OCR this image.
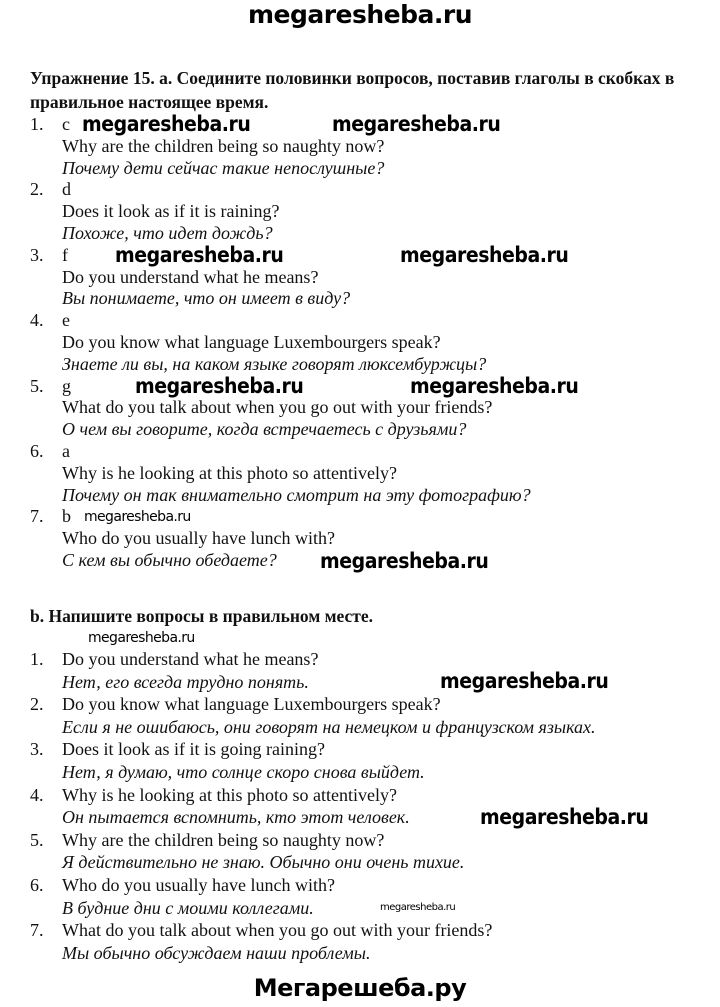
megaresheba.ru
Упражнение 15. a. Соедините половинки вопросов, поставив глаголы в скобках в правильное настоящее время.
1. c
Why are the children being so naughty now?
Почему дети сейчас такие непослушные?
2. d
Does it look as if it is raining?
Похоже, что идет дождь?
3. f
Do you understand what he means?
Вы понимаете, что он имеет в виду?
4. e
Do you know what language Luxembourgers speak?
Знаете ли вы, на каком языке говорят люксембуржцы?
5. g
What do you talk about when you go out with your friends?
О чем вы говорите, когда встречаетесь с друзьями?
6. a
Why is he looking at this photo so attentively?
Почему он так внимательно смотрит на эту фотографию?
7. b
Who do you usually have lunch with?
С кем вы обычно обедаете?
b. Напишите вопросы в правильном месте.
1. Do you understand what he means?
Нет, его всегда трудно понять.
2. Do you know what language Luxembourgers speak?
Если я не ошибаюсь, они говорят на немецком и французском языках.
3. Does it look as if it is going raining?
Нет, я думаю, что солнце скоро снова выйдет.
4. Why is he looking at this photo so attentively?
Он пытается вспомнить, кто этот человек.
5. Why are the children being so naughty now?
Я действительно не знаю. Обычно они очень тихие.
6. Who do you usually have lunch with?
В будние дни с моими коллегами.
7. What do you talk about when you go out with your friends?
Мы обычно обсуждаем наши проблемы.
megaresheba.ru	megaresheba.ru
megaresheba.ru	megaresheba.ru
megaresheba.ru	megaresheba.ru
megaresheba.ru
megaresheba.ru
megaresheba.ru
megaresheba.ru
megaresheba.ru
megaresheba.ru
Мегарешеба.ру
